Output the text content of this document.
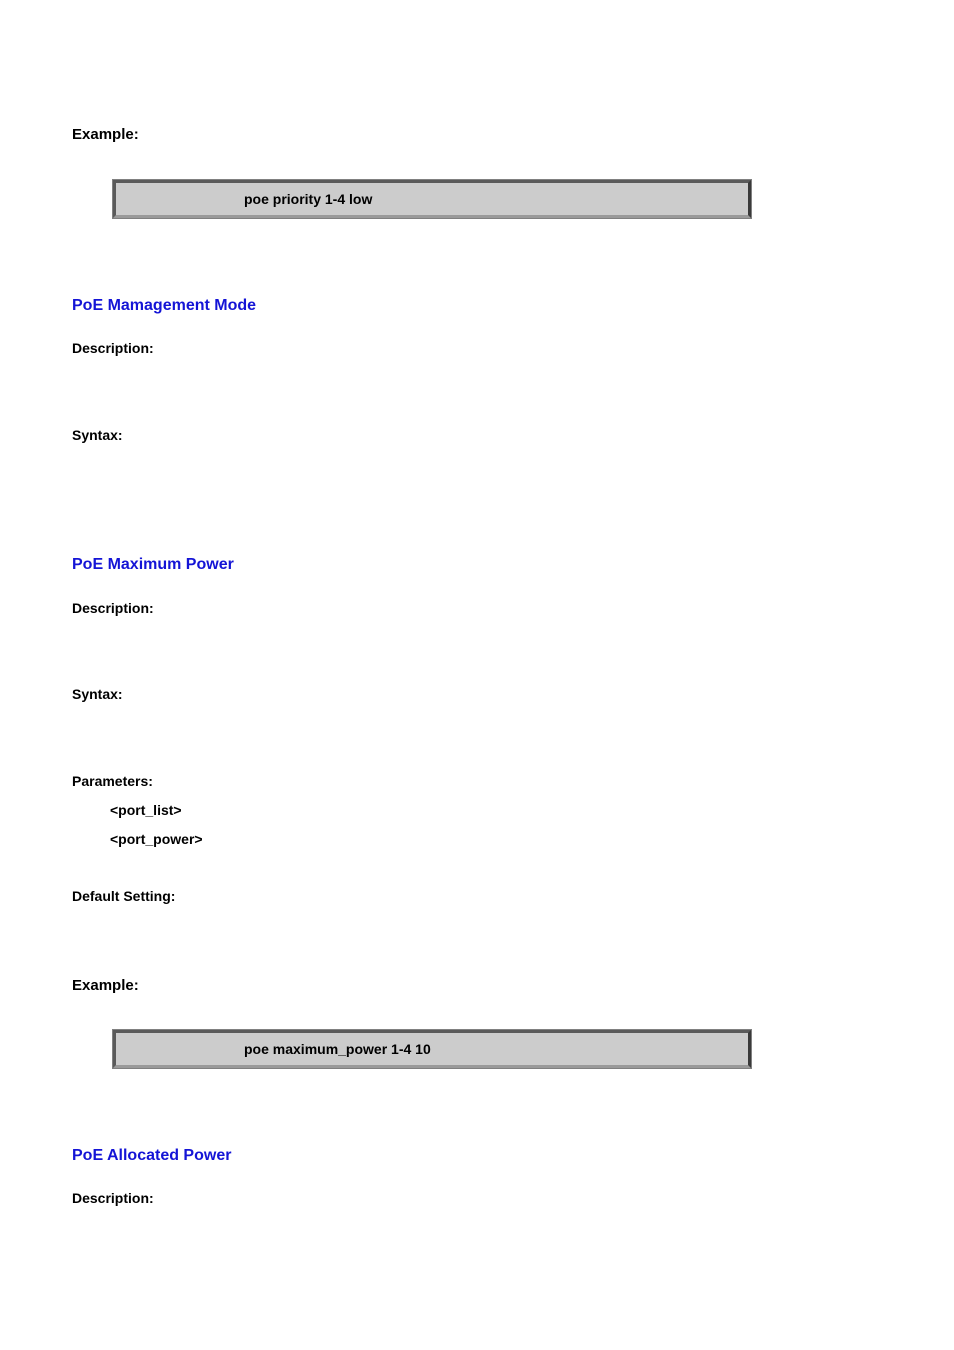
Example:
poe priority 1-4 low
PoE Mamagement Mode
Description:
Syntax:
PoE Maximum Power
Description:
Syntax:
Parameters:
<port_list>
<port_power>
Default Setting:
Example:
poe maximum_power 1-4 10
PoE Allocated Power
Description:
